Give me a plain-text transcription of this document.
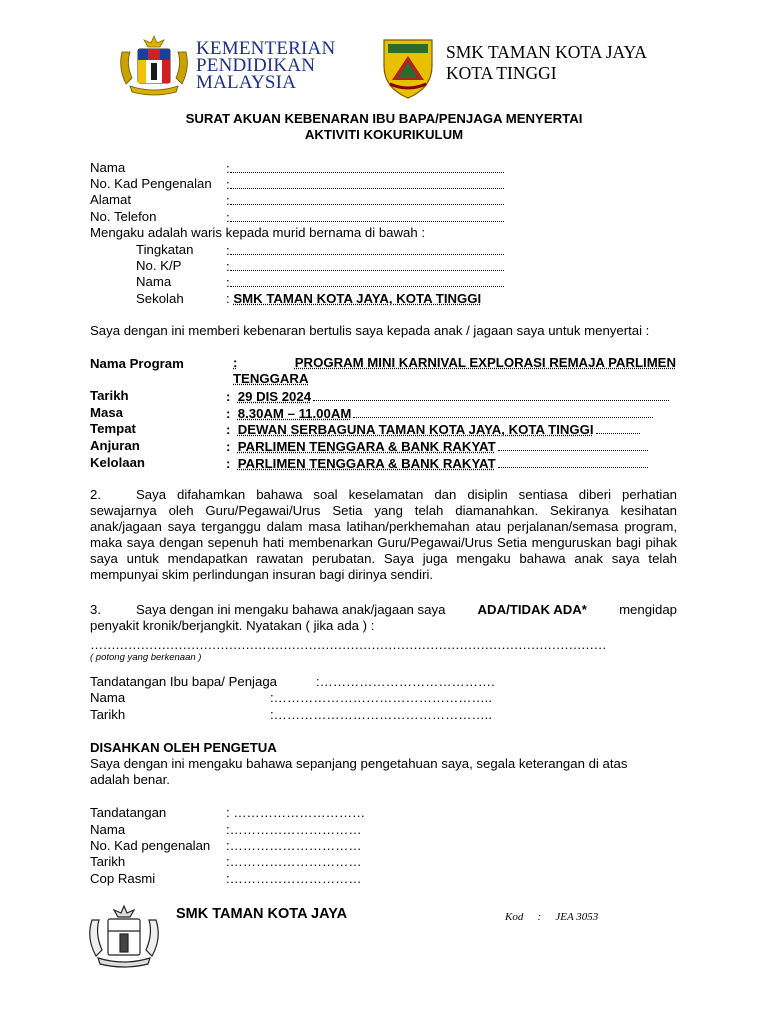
KEMENTERIAN
PENDIDIKAN
MALAYSIA
SMK TAMAN KOTA JAYA
KOTA TINGGI
SURAT AKUAN KEBENARAN IBU BAPA/PENJAGA MENYERTAI
AKTIVITI KOKURIKULUM
Nama	:
No. Kad Pengenalan :
Alamat	:
No. Telefon	:
Mengaku adalah waris kepada murid bernama di bawah :
Tingkatan :
No. K/P	:
Nama	:
Sekolah	: SMK TAMAN KOTA JAYA, KOTA TINGGI
Saya dengan ini memberi kebenaran bertulis saya kepada anak / jagaan saya untuk menyertai :
Nama Program	:	PROGRAM MINI KARNIVAL EXPLORASI REMAJA PARLIMEN
TENGGARA
Tarikh	:  29 DIS 2024
Masa	:  8.30AM – 11.00AM
Tempat	:  DEWAN SERBAGUNA TAMAN KOTA JAYA, KOTA TINGGI
Anjuran	:  PARLIMEN TENGGARA & BANK RAKYAT
Kelolaan	:  PARLIMEN TENGGARA & BANK RAKYAT
2.	Saya difahamkan bahawa soal keselamatan dan disiplin sentiasa diberi perhatian
sewajarnya oleh Guru/Pegawai/Urus Setia yang telah diamanahkan. Sekiranya kesihatan anak/jagaan saya terganggu dalam masa latihan/perkhemahan atau perjalanan/semasa program, maka saya dengan sepenuh hati membenarkan Guru/Pegawai/Urus Setia menguruskan bagi pihak saya untuk mendapatkan rawatan perubatan. Saya juga mengaku bahawa anak saya telah mempunyai skim perlindungan insuran bagi dirinya sendiri.
3.	Saya dengan ini mengaku bahawa anak/jagaan saya ADA/TIDAK ADA* mengidap
penyakit kronik/berjangkit. Nyatakan ( jika ada ) :
……………………………………………………………………………………………………………
( potong yang berkenaan )
Tandatangan Ibu bapa/ Penjaga	:………………………………….
Nama	:…………………………………………..
Tarikh	:…………………………………………..
DISAHKAN OLEH PENGETUA
Saya dengan ini mengaku bahawa sepanjang pengetahuan saya, segala keterangan di atas
adalah benar.
Tandatangan	: …………………………
Nama	:…………………………
No. Kad pengenalan :…………………………
Tarikh	:…………………………
Cop Rasmi	:…………………………
SMK TAMAN KOTA JAYA	Kod : JEA 3053
